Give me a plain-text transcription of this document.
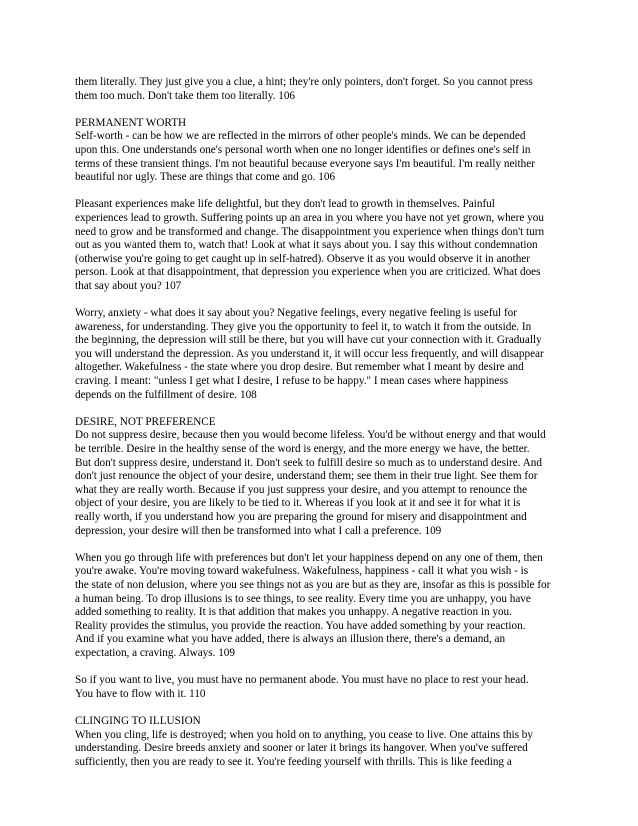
them literally. They just give you a clue, a hint; they're only pointers, don't forget. So you cannot press
them too much. Don't take them too literally. 106
PERMANENT WORTH
Self-worth - can be how we are reflected in the mirrors of other people's minds. We can be depended
upon this. One understands one's personal worth when one no longer identifies or defines one's self in
terms of these transient things. I'm not beautiful because everyone says I'm beautiful. I'm really neither
beautiful nor ugly. These are things that come and go. 106
Pleasant experiences make life delightful, but they don't lead to growth in themselves. Painful
experiences lead to growth. Suffering points up an area in you where you have not yet grown, where you
need to grow and be transformed and change. The disappointment you experience when things don't turn
out as you wanted them to, watch that! Look at what it says about you. I say this without condemnation
(otherwise you're going to get caught up in self-hatred). Observe it as you would observe it in another
person. Look at that disappointment, that depression you experience when you are criticized. What does
that say about you? 107
Worry, anxiety - what does it say about you? Negative feelings, every negative feeling is useful for
awareness, for understanding. They give you the opportunity to feel it, to watch it from the outside. In
the beginning, the depression will still be there, but you will have cut your connection with it. Gradually
you will understand the depression. As you understand it, it will occur less frequently, and will disappear
altogether. Wakefulness - the state where you drop desire. But remember what I meant by desire and
craving. I meant: "unless I get what I desire, I refuse to be happy." I mean cases where happiness
depends on the fulfillment of desire. 108
DESIRE, NOT PREFERENCE
Do not suppress desire, because then you would become lifeless. You'd be without energy and that would
be terrible. Desire in the healthy sense of the word is energy, and the more energy we have, the better.
But don't suppress desire, understand it. Don't seek to fulfill desire so much as to understand desire. And
don't just renounce the object of your desire, understand them; see them in their true light. See them for
what they are really worth. Because if you just suppress your desire, and you attempt to renounce the
object of your desire, you are likely to be tied to it. Whereas if you look at it and see it for what it is
really worth, if you understand how you are preparing the ground for misery and disappointment and
depression, your desire will then be transformed into what I call a preference. 109
When you go through life with preferences but don't let your happiness depend on any one of them, then
you're awake. You're moving toward wakefulness. Wakefulness, happiness - call it what you wish - is
the state of non delusion, where you see things not as you are but as they are, insofar as this is possible for
a human being. To drop illusions is to see things, to see reality. Every time you are unhappy, you have
added something to reality. It is that addition that makes you unhappy. A negative reaction in you.
Reality provides the stimulus, you provide the reaction. You have added something by your reaction.
And if you examine what you have added, there is always an illusion there, there's a demand, an
expectation, a craving. Always. 109
So if you want to live, you must have no permanent abode. You must have no place to rest your head.
You have to flow with it. 110
CLINGING TO ILLUSION
When you cling, life is destroyed; when you hold on to anything, you cease to live. One attains this by
understanding. Desire breeds anxiety and sooner or later it brings its hangover. When you've suffered
sufficiently, then you are ready to see it. You're feeding yourself with thrills. This is like feeding a
